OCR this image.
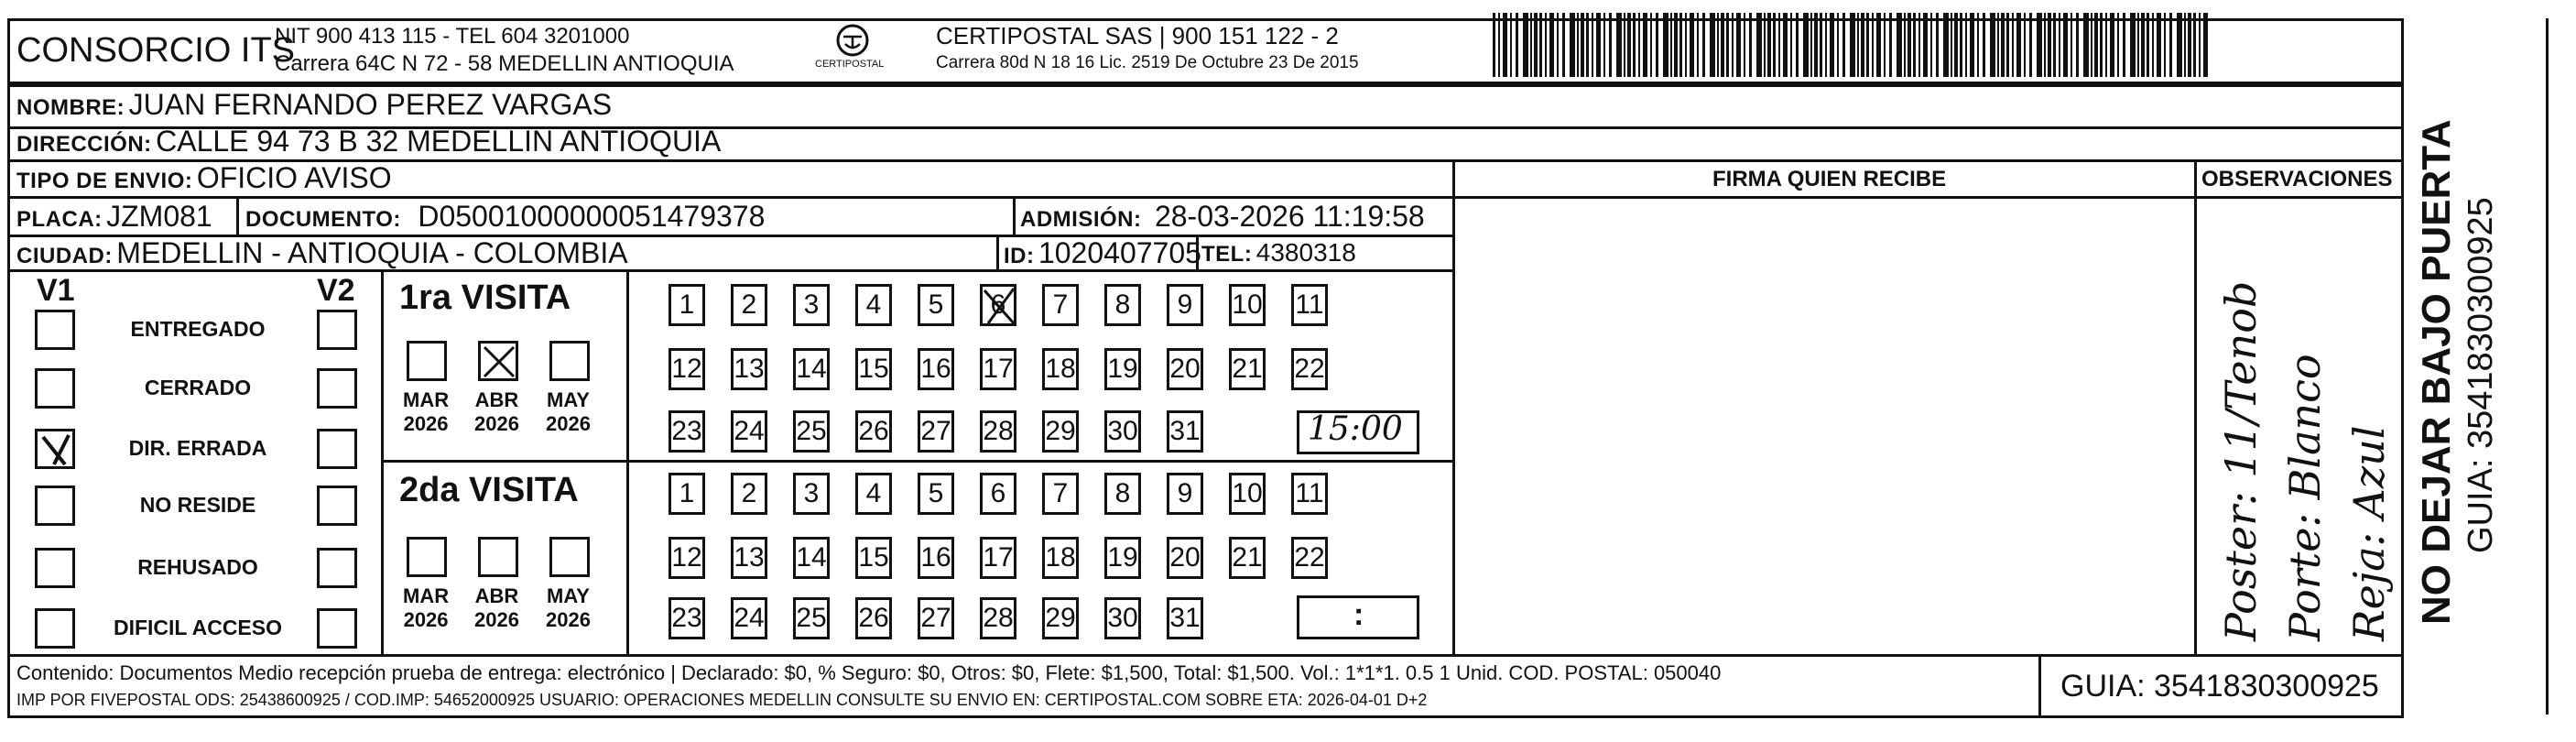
CONSORCIO ITS
NIT 900 413 115 - TEL 604 3201000
Carrera 64C N 72 - 58 MEDELLIN ANTIOQUIA	CERTIPOSTAL
CERTIPOSTAL SAS | 900 151 122 - 2
Carrera 80d N 18 16 Lic. 2519 De Octubre 23 De 2015
NOMBRE: JUAN FERNANDO PEREZ VARGAS
DIRECCIÓN: CALLE 94 73 B 32 MEDELLIN ANTIOQUIA
TIPO DE ENVIO: OFICIO AVISO	FIRMA QUIEN RECIBE	OBSERVACIONES
PLACA: JZM081 DOCUMENTO: D05001000000051479378	ADMISIÓN: 28-03-2026 11:19:58
CIUDAD: MEDELLIN - ANTIOQUIA - COLOMBIA	ID: 1020407705 TEL: 4380318
V1	V2
ENTREGADO
CERRADO
DIR. ERRADA
NO RESIDE
REHUSADO
DIFICIL ACCESO
1ra VISITA
MAR
2026
ABR
2026
MAY
2026
2da VISITA
MAR
2026
ABR
2026
MAY
2026
1	2	3	4	5	6	7	8	9	10 11
12 13 14 15 16 17 18 19 20 21 22
23 24 25 26 27 28 29 30 31
1	2	3	4	5	6	7	8	9	10 11
12 13 14 15 16 17 18 19 20 21 22
23 24 25 26 27 28 29 30 31
15:00
:	Poster: 11/Tenob Porte: Blanco Reja: Azul
Contenido: Documentos Medio recepción prueba de entrega: electrónico | Declarado: $0, % Seguro: $0, Otros: $0, Flete: $1,500, Total: $1,500. Vol.: 1*1*1. 0.5 1 Unid. COD. POSTAL: 050040
IMP POR FIVEPOSTAL ODS: 25438600925 / COD.IMP: 54652000925 USUARIO: OPERACIONES MEDELLIN CONSULTE SU ENVIO EN: CERTIPOSTAL.COM SOBRE ETA: 2026-04-01 D+2	GUIA: 3541830300925
NO DEJAR BAJO PUERTA GUIA: 3541830300925
